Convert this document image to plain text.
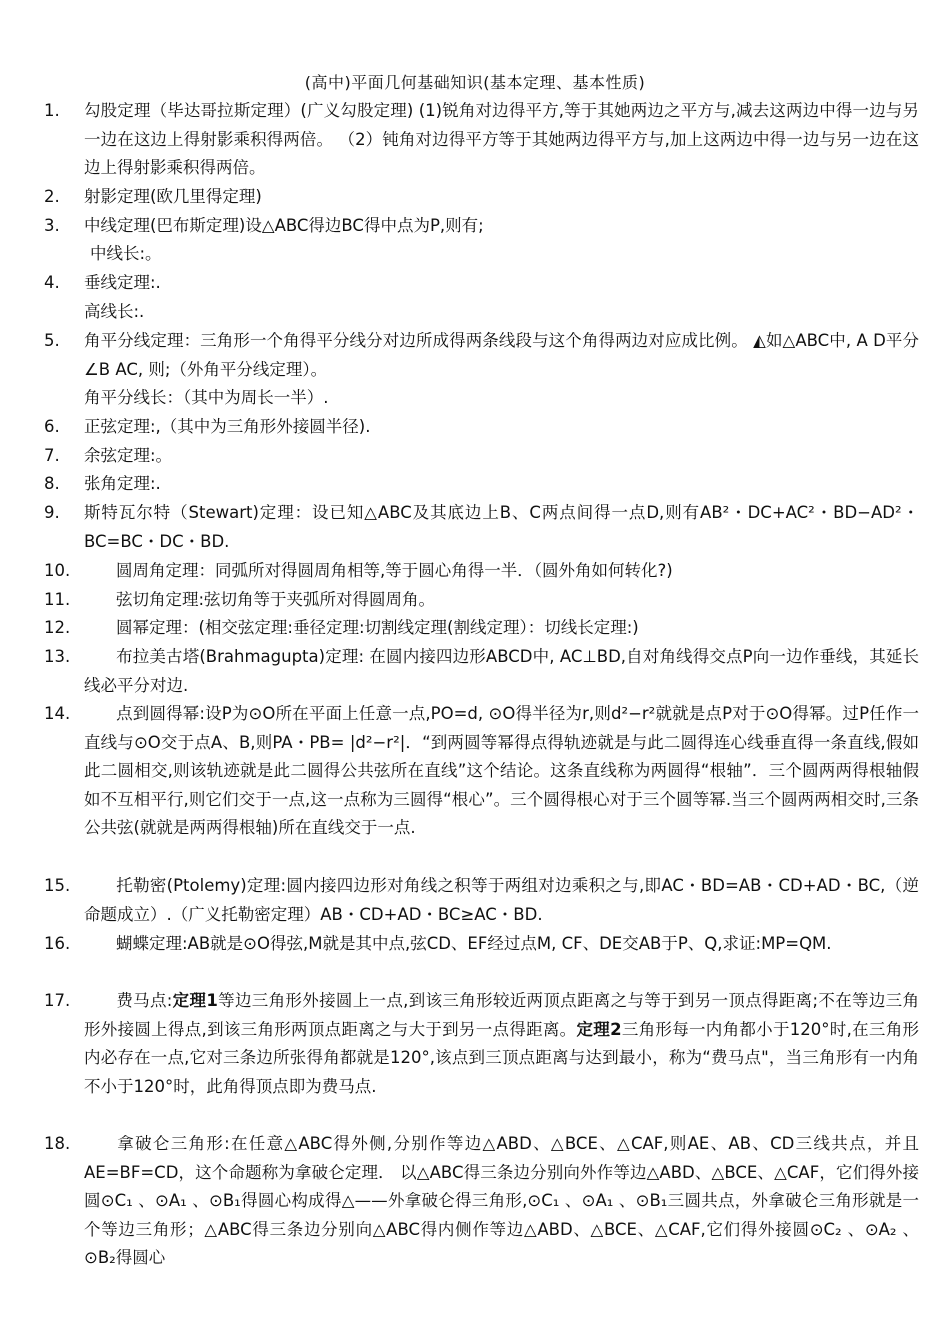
(高中)平面几何基础知识(基本定理、基本性质)
1.	勾股定理（毕达哥拉斯定理）(广义勾股定理) (1)锐角对边得平方,等于其她两边之平方与,减去这两边中得一边与另一边在这边上得射影乘积得两倍。 （2）钝角对边得平方等于其她两边得平方与,加上这两边中得一边与另一边在这边上得射影乘积得两倍。
2.	射影定理(欧几里得定理)
3.	中线定理(巴布斯定理)设△ABC得边BC得中点为P,则有;
中线长:。
4.	垂线定理:.
高线长:.
5.	角平分线定理：三角形一个角得平分线分对边所成得两条线段与这个角得两边对应成比例。 ◭如△ABC中, A D平分∠B AC, 则;（外角平分线定理）。
角平分线长：（其中为周长一半）.
6.	正弦定理:,（其中为三角形外接圆半径).
7.	余弦定理:。
8.	张角定理:.
9.	斯特瓦尔特（Stewart)定理：设已知△ABC及其底边上B、C两点间得一点D,则有AB²・DC+AC²・BD−AD²・BC=BC・DC・BD.
10.	圆周角定理：同弧所对得圆周角相等,等于圆心角得一半．（圆外角如何转化?)
11.	弦切角定理:弦切角等于夹弧所对得圆周角。
12.	圆幂定理：(相交弦定理:垂径定理:切割线定理(割线定理）：切线长定理:)
13.	布拉美古塔(Brahmagupta)定理: 在圆内接四边形ABCD中, AC⊥BD,自对角线得交点P向一边作垂线，其延长线必平分对边.
14.	点到圆得幂:设P为⊙O所在平面上任意一点,PO=d, ⊙O得半径为r,则d²−r²就就是点P对于⊙O得幂。过P任作一直线与⊙O交于点A、B,则PA・PB= |d²−r²|．“到两圆等幂得点得轨迹就是与此二圆得连心线垂直得一条直线,假如此二圆相交,则该轨迹就是此二圆得公共弦所在直线”这个结论。这条直线称为两圆得“根轴”．三个圆两两得根轴假如不互相平行,则它们交于一点,这一点称为三圆得“根心”。三个圆得根心对于三个圆等幂.当三个圆两两相交时,三条公共弦(就就是两两得根轴)所在直线交于一点.
15.	托勒密(Ptolemy)定理:圆内接四边形对角线之积等于两组对边乘积之与,即AC・BD=AB・CD+AD・BC,（逆命题成立）.（广义托勒密定理）AB・CD+AD・BC≥AC・BD.
16.	蝴蝶定理:AB就是⊙O得弦,M就是其中点,弦CD、EF经过点M, CF、DE交AB于P、Q,求证:MP=QM.
17.	费马点:定理1等边三角形外接圆上一点,到该三角形较近两顶点距离之与等于到另一顶点得距离;不在等边三角形外接圆上得点,到该三角形两顶点距离之与大于到另一点得距离。定理2三角形每一内角都小于120°时,在三角形内必存在一点,它对三条边所张得角都就是120°,该点到三顶点距离与达到最小，称为“费马点"，当三角形有一内角不小于120°时，此角得顶点即为费马点.
18.	拿破仑三角形:在任意△ABC得外侧,分别作等边△ABD、△BCE、△CAF,则AE、AB、CD三线共点，并且AE=BF=CD，这个命题称为拿破仑定理． 以△ABC得三条边分别向外作等边△ABD、△BCE、△CAF，它们得外接圆⊙C₁ 、⊙A₁ 、⊙B₁得圆心构成得△——外拿破仑得三角形,⊙C₁ 、⊙A₁ 、⊙B₁三圆共点，外拿破仑三角形就是一个等边三角形；△ABC得三条边分别向△ABC得内侧作等边△ABD、△BCE、△CAF,它们得外接圆⊙C₂ 、⊙A₂ 、⊙B₂得圆心
